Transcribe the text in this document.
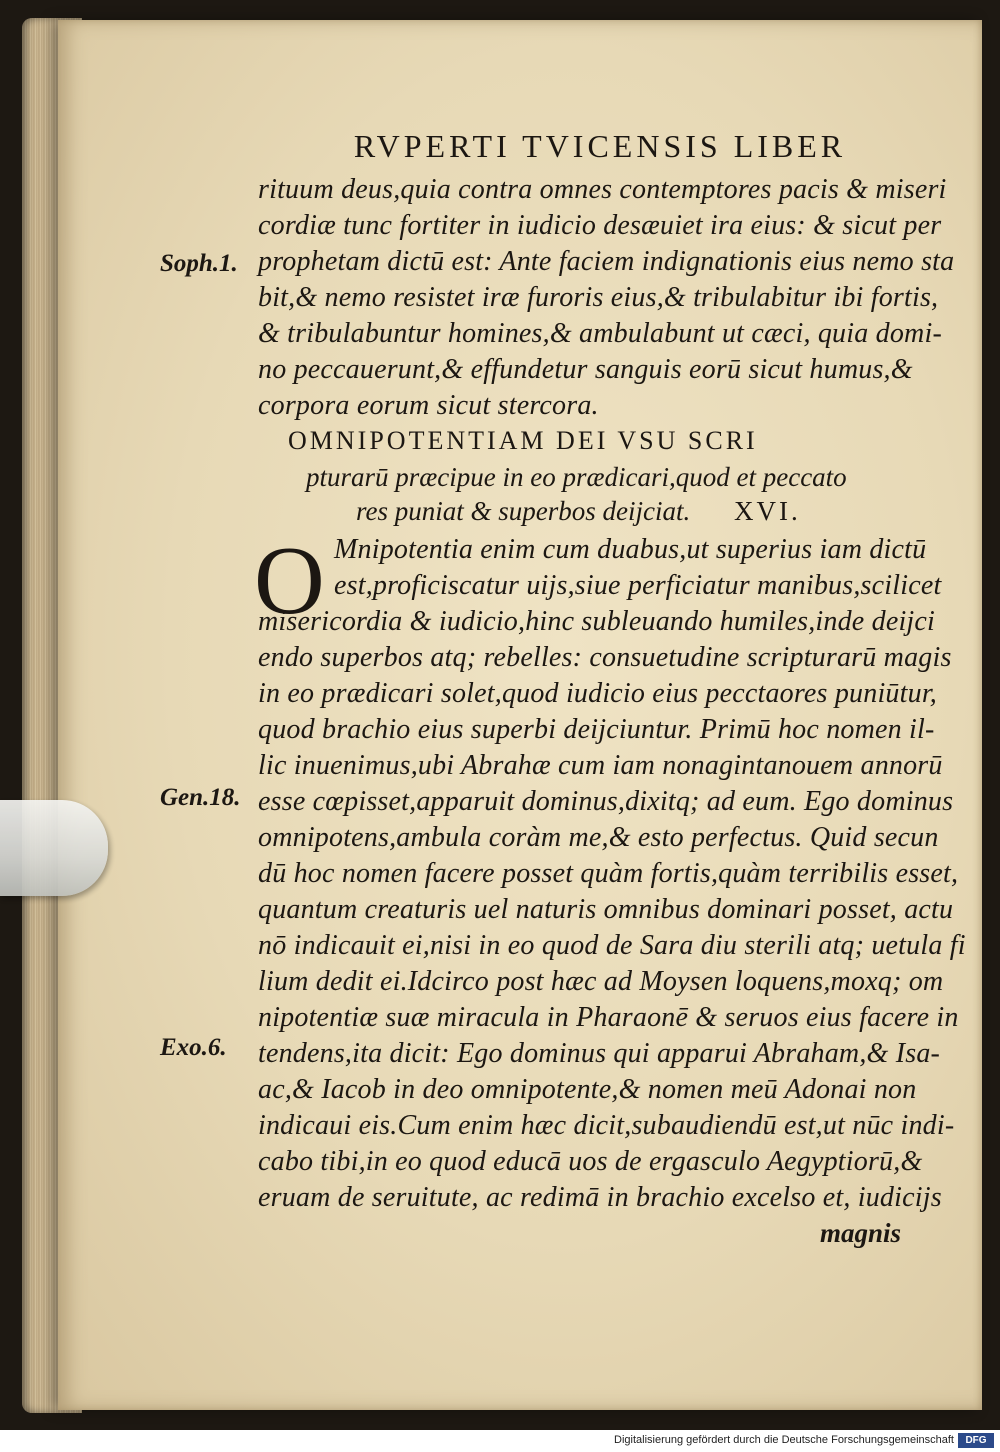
RVPERTI TVICENSIS LIBER
rituum deus,quia contra omnes contemptores pacis & miseri
cordiæ tunc fortiter in iudicio desæuiet ira eius: & sicut per
prophetam dictū est: Ante faciem indignationis eius nemo sta
bit,& nemo resistet iræ furoris eius,& tribulabitur ibi fortis,
& tribulabuntur homines,& ambulabunt ut cæci, quia domi-
no peccauerunt,& effundetur sanguis eorū sicut humus,&
corpora eorum sicut stercora.
Soph.1.
OMNIPOTENTIAM DEI VSU SCRI
pturarū præcipue in eo prædicari,quod et peccato
res puniat & superbos deijciat. XVI.
O Mnipotentia enim cum duabus,ut superius iam dictū
est,proficiscatur uijs,siue perficiatur manibus,scilicet
misericordia & iudicio,hinc subleuando humiles,inde deijci
endo superbos atq; rebelles: consuetudine scripturarū magis
in eo prædicari solet,quod iudicio eius pecctaores puniūtur,
quod brachio eius superbi deijciuntur. Primū hoc nomen il-
lic inuenimus,ubi Abrahæ cum iam nonagintanouem annorū
esse cœpisset,apparuit dominus,dixitq; ad eum. Ego dominus
omnipotens,ambula coràm me,& esto perfectus. Quid secun
dū hoc nomen facere posset quàm fortis,quàm terribilis esset,
quantum creaturis uel naturis omnibus dominari posset, actu
nō indicauit ei,nisi in eo quod de Sara diu sterili atq; uetula fi
lium dedit ei.Idcirco post hæc ad Moysen loquens,moxq; om
nipotentiæ suæ miracula in Pharaonē & seruos eius facere in
tendens,ita dicit: Ego dominus qui apparui Abraham,& Isa-
ac,& Iacob in deo omnipotente,& nomen meū Adonai non
indicaui eis.Cum enim hæc dicit,subaudiendū est,ut nūc indi-
cabo tibi,in eo quod educā uos de ergasculo Aegyptiorū,&
eruam de seruitute, ac redimā in brachio excelso et, iudicijs
Gen.18.
Exo.6.
magnis
Digitalisierung gefördert durch die Deutsche Forschungsgemeinschaft	DFG
